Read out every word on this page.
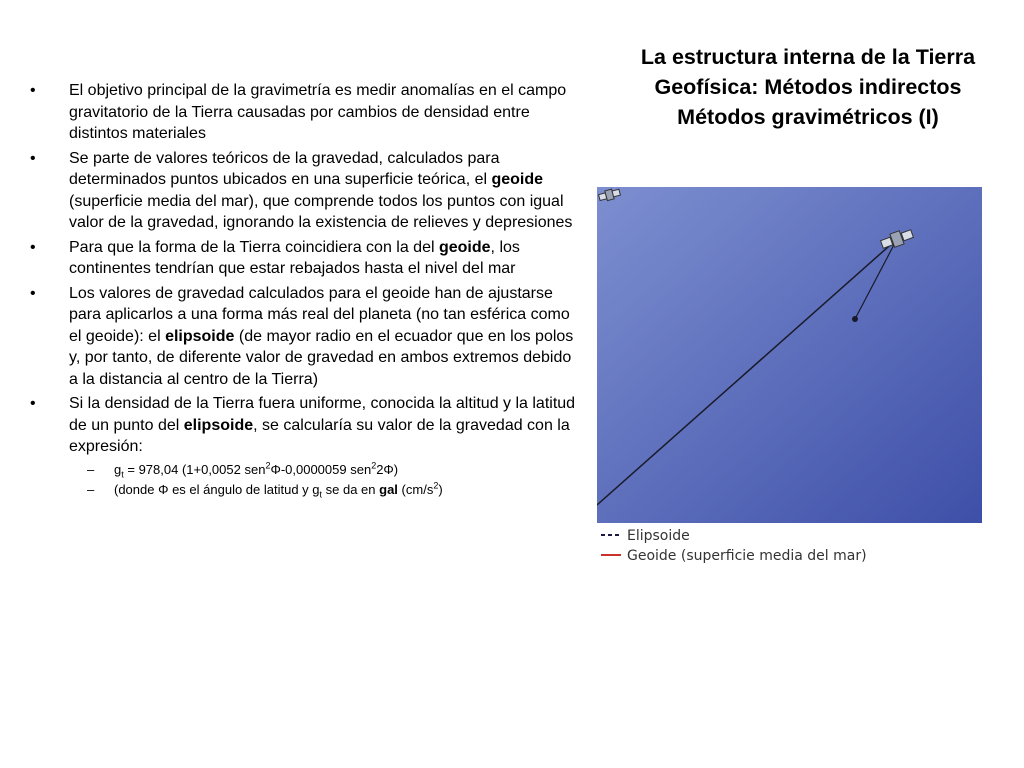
La estructura interna de la Tierra
Geofísica: Métodos indirectos
Métodos gravimétricos (I)
•	El objetivo principal de la gravimetría es medir anomalías en el campo gravitatorio de la Tierra causadas por cambios de densidad entre distintos materiales
•	Se parte de valores teóricos de la gravedad, calculados para determinados puntos ubicados en una superficie teórica, el geoide (superficie media del mar), que comprende todos los puntos con igual valor de la gravedad, ignorando la existencia de relieves y depresiones
•	Para que la forma de la Tierra coincidiera con la del geoide, los continentes tendrían que estar rebajados hasta el nivel del mar
•	Los valores de gravedad calculados para el geoide han de ajustarse para aplicarlos a una forma más real del planeta (no tan esférica como el geoide): el elipsoide (de mayor radio en el ecuador que en los polos y, por tanto, de diferente valor de gravedad en ambos extremos debido a la distancia al centro de la Tierra)
•	Si la densidad de la Tierra fuera uniforme, conocida la altitud y la latitud de un punto del elipsoide, se calcularía su valor de la gravedad con la expresión:
– $g_t = 978,04$ (1+0,0052 sen$^2$Φ-0,0000059 sen$^2$2Φ)
– (donde Φ es el ángulo de latitud y $g_t$ se da en gal $(cm/s^2)$
Elipsoide
Geoide (superficie media del mar)
